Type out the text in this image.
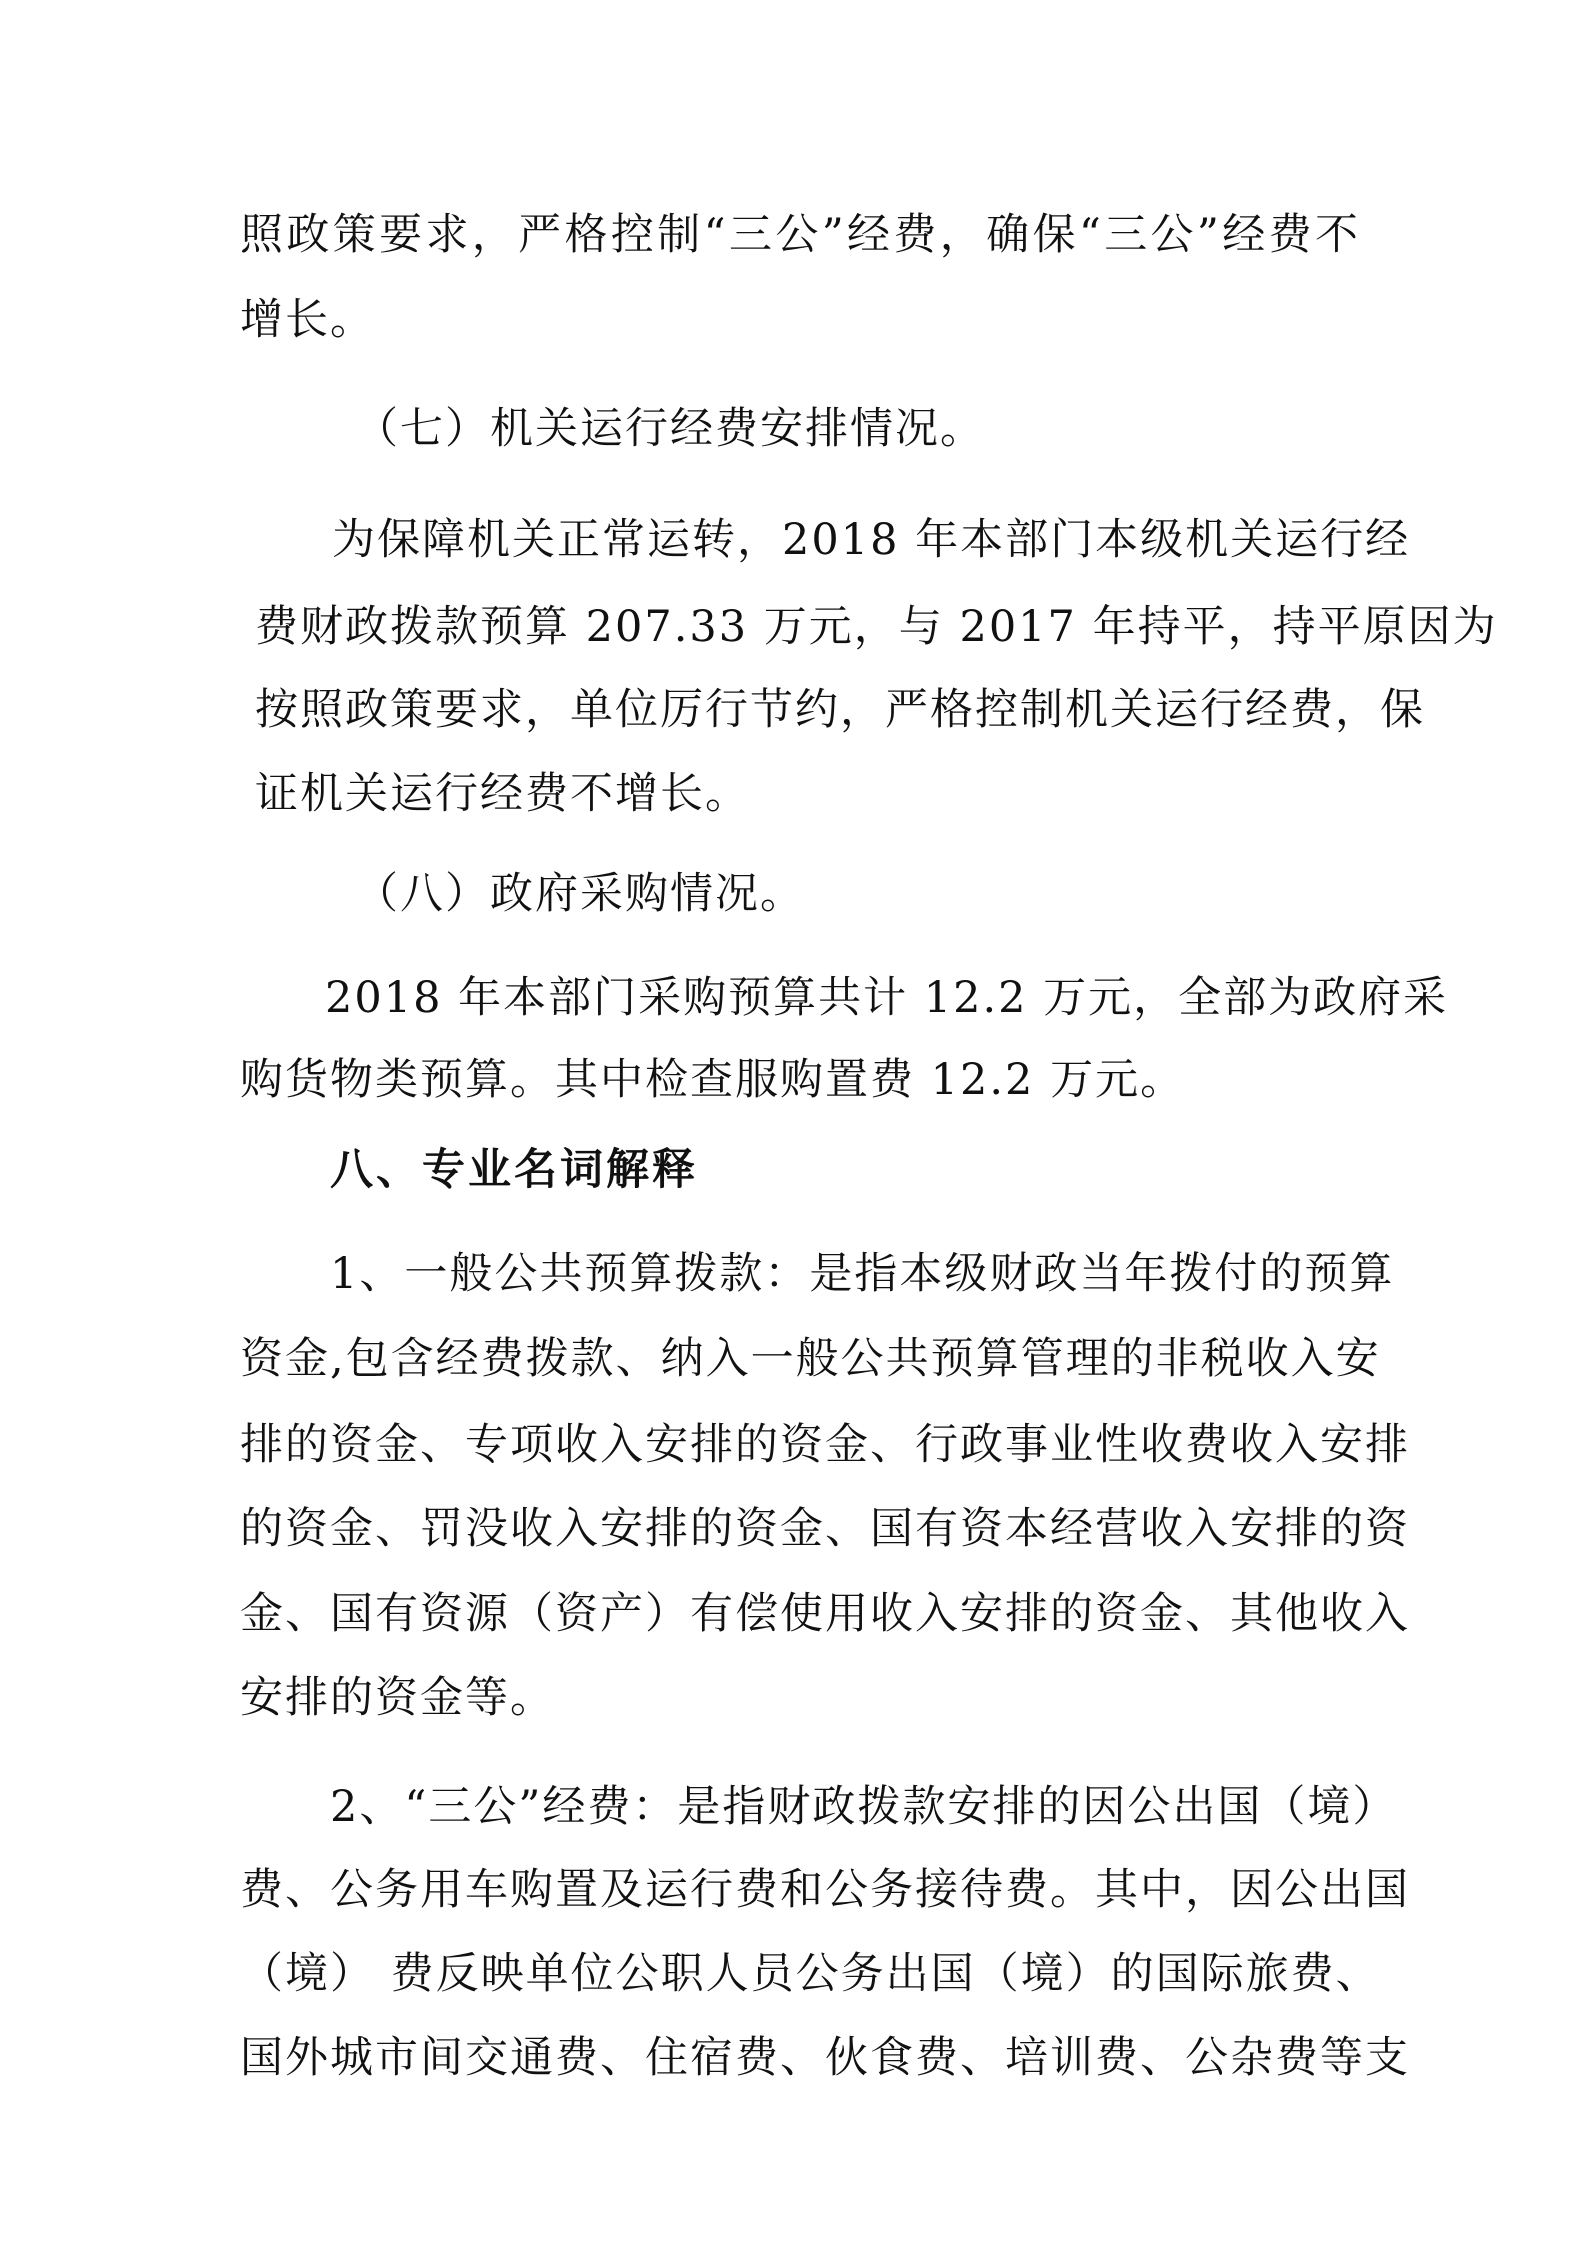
照政策要求，严格控制“三公”经费，确保“三公”经费不
增长。
（七）机关运行经费安排情况。
为保障机关正常运转，2018 年本部门本级机关运行经
费财政拨款预算 207.33 万元，与 2017 年持平，持平原因为
按照政策要求，单位厉行节约，严格控制机关运行经费，保
证机关运行经费不增长。
（八）政府采购情况。
2018 年本部门采购预算共计 12.2 万元，全部为政府采
购货物类预算。其中检查服购置费 12.2 万元。
八、专业名词解释
1、一般公共预算拨款：是指本级财政当年拨付的预算
资金,包含经费拨款、纳入一般公共预算管理的非税收入安
排的资金、专项收入安排的资金、行政事业性收费收入安排
的资金、罚没收入安排的资金、国有资本经营收入安排的资
金、国有资源（资产）有偿使用收入安排的资金、其他收入
安排的资金等。
2、“三公”经费：是指财政拨款安排的因公出国（境）
费、公务用车购置及运行费和公务接待费。其中，因公出国
（境） 费反映单位公职人员公务出国（境）的国际旅费、
国外城市间交通费、住宿费、伙食费、培训费、公杂费等支
